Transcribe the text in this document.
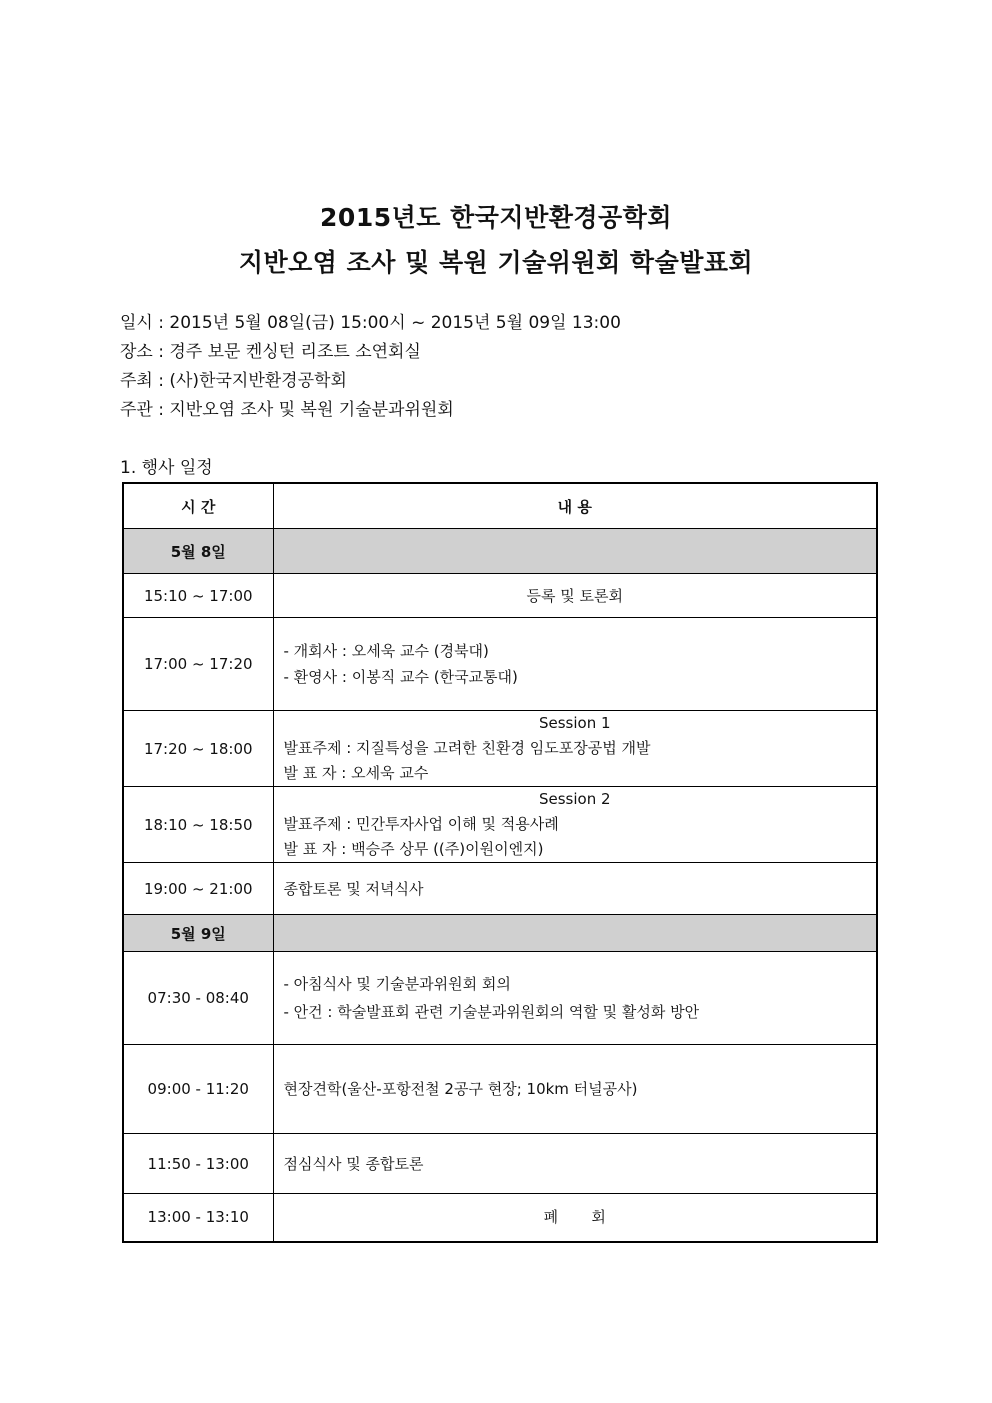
2015년도 한국지반환경공학회
지반오염 조사 및 복원 기술위원회 학술발표회
일시 : 2015년 5월 08일(금) 15:00시 ~ 2015년 5월 09일 13:00
장소 : 경주 보문 켄싱턴 리조트 소연회실
주최 : (사)한국지반환경공학회
주관 : 지반오염 조사 및 복원 기술분과위원회
1. 행사 일정
시 간	내 용
5월 8일	
15:10 ~ 17:00	등록 및 토론회

17:00 ~ 17:20	- 개회사 : 오세욱 교수 (경북대)
- 환영사 : 이봉직 교수 (한국교통대)

17:20 ~ 18:00	Session 1
발표주제 : 지질특성을 고려한 친환경 임도포장공법 개발
발 표 자 : 오세욱 교수

18:10 ~ 18:50	Session 2
발표주제 : 민간투자사업 이해 및 적용사례
발 표 자 : 백승주 상무 ((주)이원이엔지)

19:00 ~ 21:00	종합토론 및 저녁식사

5월 9일	
07:30 - 08:40	- 아침식사 및 기술분과위원회 회의
- 안건 : 학술발표회 관련 기술분과위원회의 역할 및 활성화 방안

09:00 - 11:20	현장견학(울산-포항전철 2공구 현장; 10km 터널공사)

11:50 - 13:00	점심식사 및 종합토론

13:00 - 13:10	폐       회
